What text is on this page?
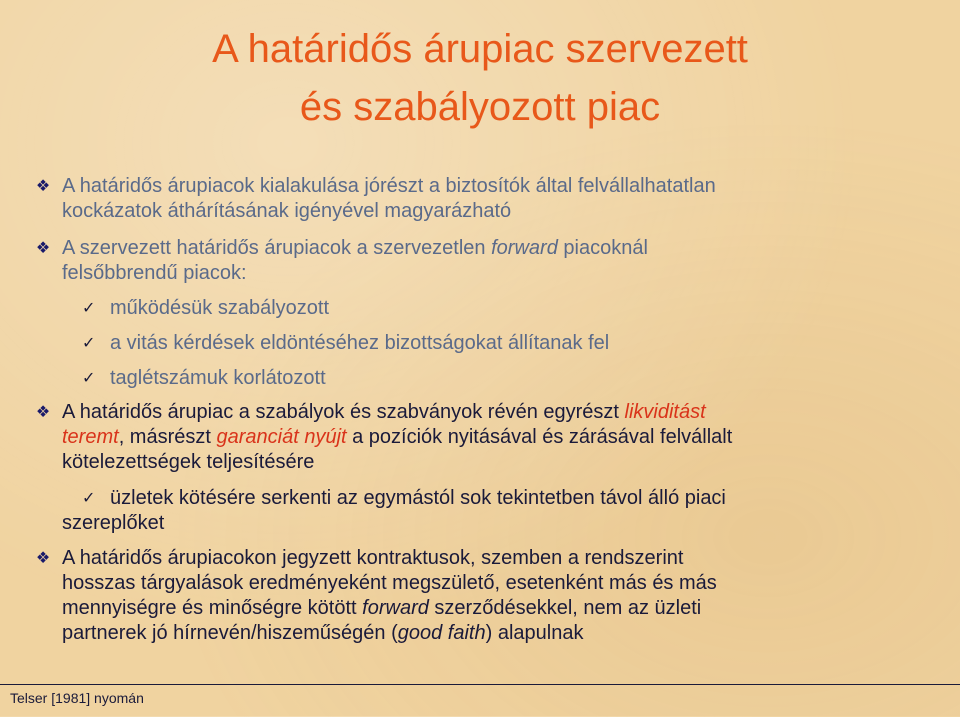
A határidős árupiac szervezett
és szabályozott piac
❖ A határidős árupiacok kialakulása jórészt a biztosítók által felvállalhatatlan
kockázatok áthárításának igényével magyarázható
❖ A szervezett határidős árupiacok a szervezetlen forward piacoknál
felsőbbrendű piacok:
✓ működésük szabályozott
✓ a vitás kérdések eldöntéséhez bizottságokat állítanak fel
✓ taglétszámuk korlátozott
❖ A határidős árupiac a szabályok és szabványok révén egyrészt likviditást
teremt, másrészt garanciát nyújt a pozíciók nyitásával és zárásával felvállalt
kötelezettségek teljesítésére
✓ üzletek kötésére serkenti az egymástól sok tekintetben távol álló piaci
szereplőket
❖ A határidős árupiacokon jegyzett kontraktusok, szemben a rendszerint
hosszas tárgyalások eredményeként megszülető, esetenként más és más
mennyiségre és minőségre kötött forward szerződésekkel, nem az üzleti
partnerek jó hírnevén/hiszeműségén (good faith) alapulnak
Telser [1981] nyomán
